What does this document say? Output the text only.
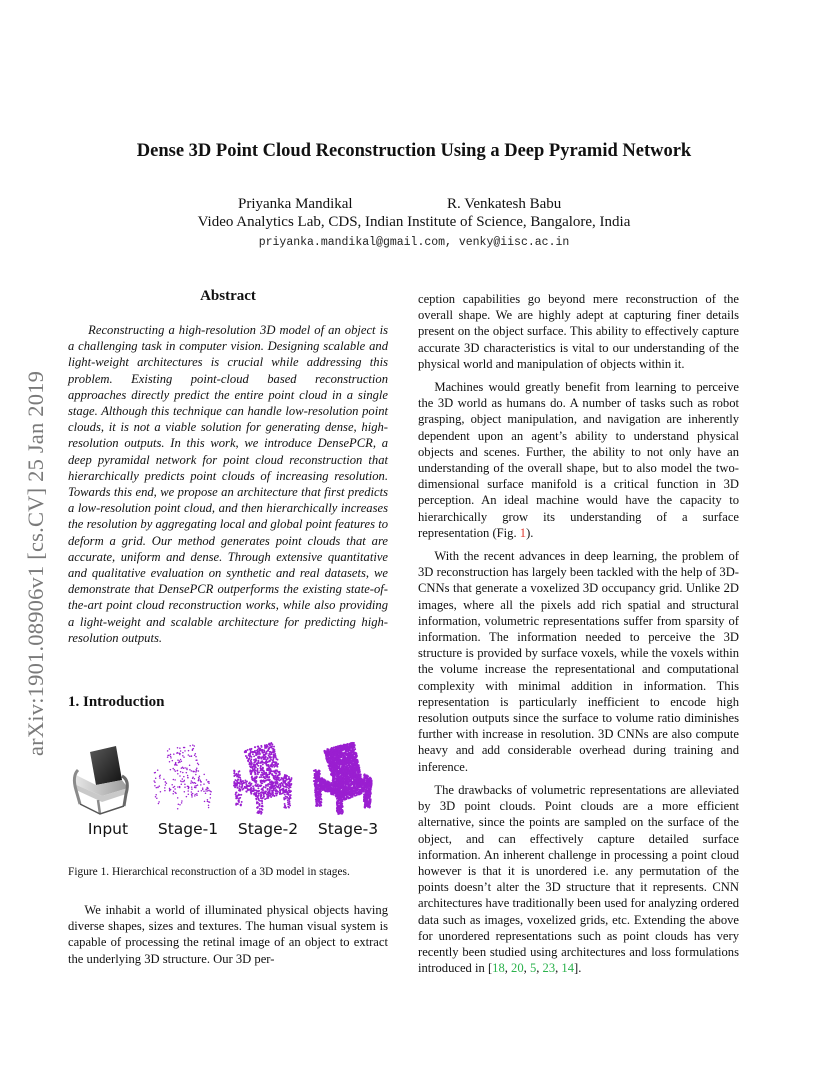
Dense 3D Point Cloud Reconstruction Using a Deep Pyramid Network
Priyanka Mandikal	R. Venkatesh Babu
Video Analytics Lab, CDS, Indian Institute of Science, Bangalore, India
priyanka.mandikal@gmail.com, venky@iisc.ac.in
arXiv:1901.08906v1 [cs.CV] 25 Jan 2019
Abstract
Reconstructing a high-resolution 3D model of an object is a challenging task in computer vision. Designing scalable and light-weight architectures is crucial while addressing this problem. Existing point-cloud based reconstruction approaches directly predict the entire point cloud in a single stage. Although this technique can handle low-resolution point clouds, it is not a viable solution for generating dense, high-resolution outputs. In this work, we introduce DensePCR, a deep pyramidal network for point cloud reconstruction that hierarchically predicts point clouds of increasing resolution. Towards this end, we propose an architecture that first predicts a low-resolution point cloud, and then hierarchically increases the resolution by aggregating local and global point features to deform a grid. Our method generates point clouds that are accurate, uniform and dense. Through extensive quantitative and qualitative evaluation on synthetic and real datasets, we demonstrate that DensePCR outperforms the existing state-of-the-art point cloud reconstruction works, while also providing a light-weight and scalable architecture for predicting high-resolution outputs.
1. Introduction
Input	Stage-1	Stage-2	Stage-3
Figure 1. Hierarchical reconstruction of a 3D model in stages.
We inhabit a world of illuminated physical objects having diverse shapes, sizes and textures. The human visual system is capable of processing the retinal image of an object to extract the underlying 3D structure. Our 3D per-

ception capabilities go beyond mere reconstruction of the overall shape. We are highly adept at capturing finer details present on the object surface. This ability to effectively capture accurate 3D characteristics is vital to our understanding of the physical world and manipulation of objects within it.

Machines would greatly benefit from learning to perceive the 3D world as humans do. A number of tasks such as robot grasping, object manipulation, and navigation are inherently dependent upon an agent’s ability to understand physical objects and scenes. Further, the ability to not only have an understanding of the overall shape, but to also model the two-dimensional surface manifold is a critical function in 3D perception. An ideal machine would have the capacity to hierarchically grow its understanding of a surface representation (Fig. 1).

With the recent advances in deep learning, the problem of 3D reconstruction has largely been tackled with the help of 3D-CNNs that generate a voxelized 3D occupancy grid. Unlike 2D images, where all the pixels add rich spatial and structural information, volumetric representations suffer from sparsity of information. The information needed to perceive the 3D structure is provided by surface voxels, while the voxels within the volume increase the representational and computational complexity with minimal addition in information. This representation is particularly inefficient to encode high resolution outputs since the surface to volume ratio diminishes further with increase in resolution. 3D CNNs are also compute heavy and add considerable overhead during training and inference.

The drawbacks of volumetric representations are alleviated by 3D point clouds. Point clouds are a more efficient alternative, since the points are sampled on the surface of the object, and can effectively capture detailed surface information. An inherent challenge in processing a point cloud however is that it is unordered i.e. any permutation of the points doesn’t alter the 3D structure that it represents. CNN architectures have traditionally been used for analyzing ordered data such as images, voxelized grids, etc. Extending the above for unordered representations such as point clouds has very recently been studied using architectures and loss formulations introduced in [18, 20, 5, 23, 14].
